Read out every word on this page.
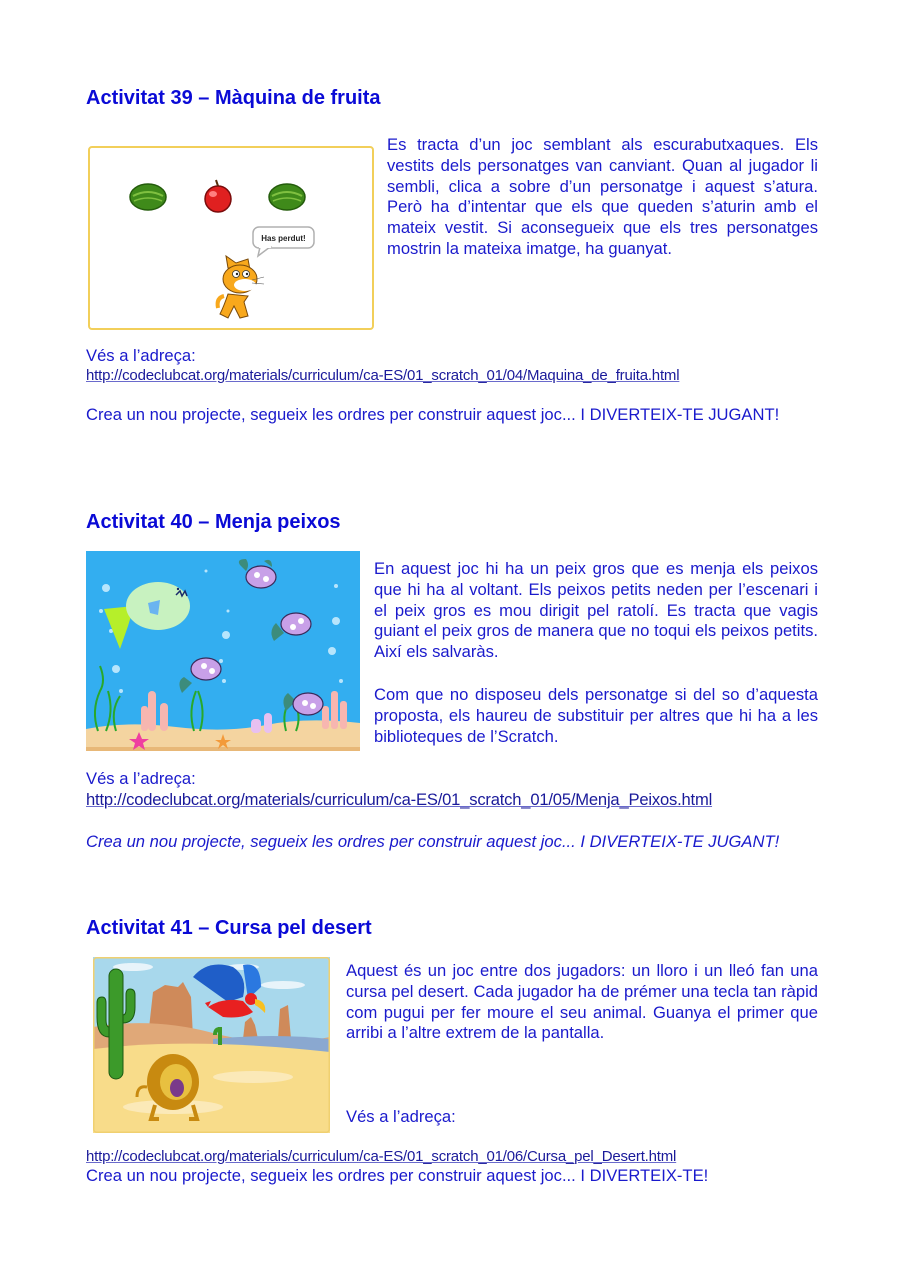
Activitat 39 – Màquina de fruita
Has perdut!

Es tracta d’un joc semblant als escurabutxaques. Els vestits dels personatges van canviant. Quan al jugador li sembli, clica a sobre d’un personatge i aquest s’atura. Però ha d’intentar que els que queden s’aturin amb el mateix vestit. Si aconsegueix que els tres personatges mostrin la mateixa imatge, ha guanyat.

Vés a l’adreça:

http://codeclubcat.org/materials/curriculum/ca-ES/01_scratch_01/04/Maquina_de_fruita.html

Crea un nou projecte, segueix les ordres per construir aquest joc... I DIVERTEIX-TE JUGANT!

Activitat 40 – Menja peixos

En aquest joc hi ha un peix gros que es menja els peixos que hi ha al voltant. Els peixos petits neden per l’escenari i el peix gros es mou dirigit pel ratolí. Es tracta que vagis guiant el peix gros de manera que no toqui els peixos petits. Així els salvaràs.

Com que no disposeu dels personatge si del so d’aquesta proposta, els haureu de substituir per altres que hi ha a les biblioteques de l’Scratch.

Vés a l’adreça:

http://codeclubcat.org/materials/curriculum/ca-ES/01_scratch_01/05/Menja_Peixos.html

Crea un nou projecte, segueix les ordres per construir aquest joc... I DIVERTEIX-TE JUGANT!

Activitat 41 – Cursa pel desert

Aquest és un joc entre dos jugadors: un lloro i un lleó fan una cursa pel desert. Cada jugador ha de prémer una tecla tan ràpid com pugui per fer moure el seu animal. Guanya el primer que arribi a l’altre extrem de la pantalla.

Vés a l’adreça:

http://codeclubcat.org/materials/curriculum/ca-ES/01_scratch_01/06/Cursa_pel_Desert.html

Crea un nou projecte, segueix les ordres per construir aquest joc... I DIVERTEIX-TE!
